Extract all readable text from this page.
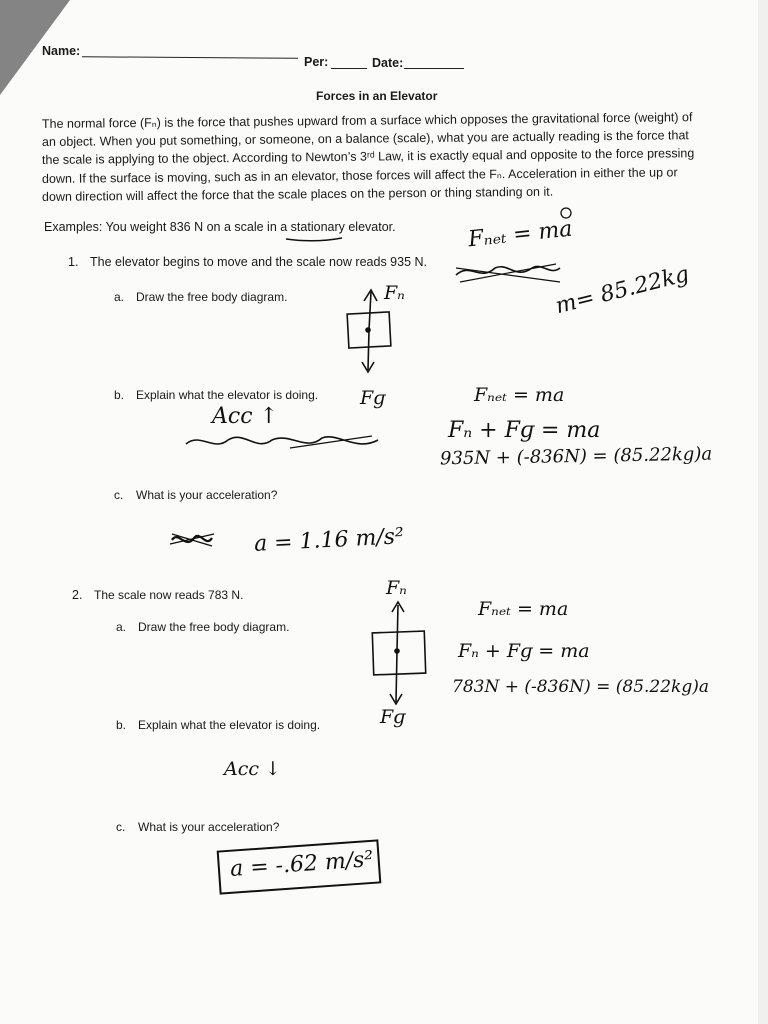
Name:
Per:	Date:
Forces in an Elevator
The normal force (Fₙ) is the force that pushes upward from a surface which opposes the gravitational force (weight) of
an object. When you put something, or someone, on a balance (scale), what you are actually reading is the force that
the scale is applying to the object. According to Newton’s 3ʳᵈ Law, it is exactly equal and opposite to the force pressing
down. If the surface is moving, such as in an elevator, those forces will affect the Fₙ. Acceleration in either the up or
down direction will affect the force that the scale places on the person or thing standing on it.
Examples: You weight 836 N on a scale in a stationary elevator.
1. The elevator begins to move and the scale now reads 935 N.
a. Draw the free body diagram.
b. Explain what the elevator is doing.
c. What is your acceleration?
2. The scale now reads 783 N.
a. Draw the free body diagram.
b. Explain what the elevator is doing.
c. What is your acceleration?
Fₙₑₜ = ma
m= 85.22kg
Fₙ
Fɡ
Acc ↑
Fₙₑₜ = ma
Fₙ + Fɡ = ma
935N + (-836N) = (85.22kg)a
a = 1.16 m/s²
Fₙ
Fɡ
Fₙₑₜ = ma
Fₙ + Fɡ = ma
783N + (-836N) = (85.22kg)a
Acc ↓
a = -.62 m/s²
